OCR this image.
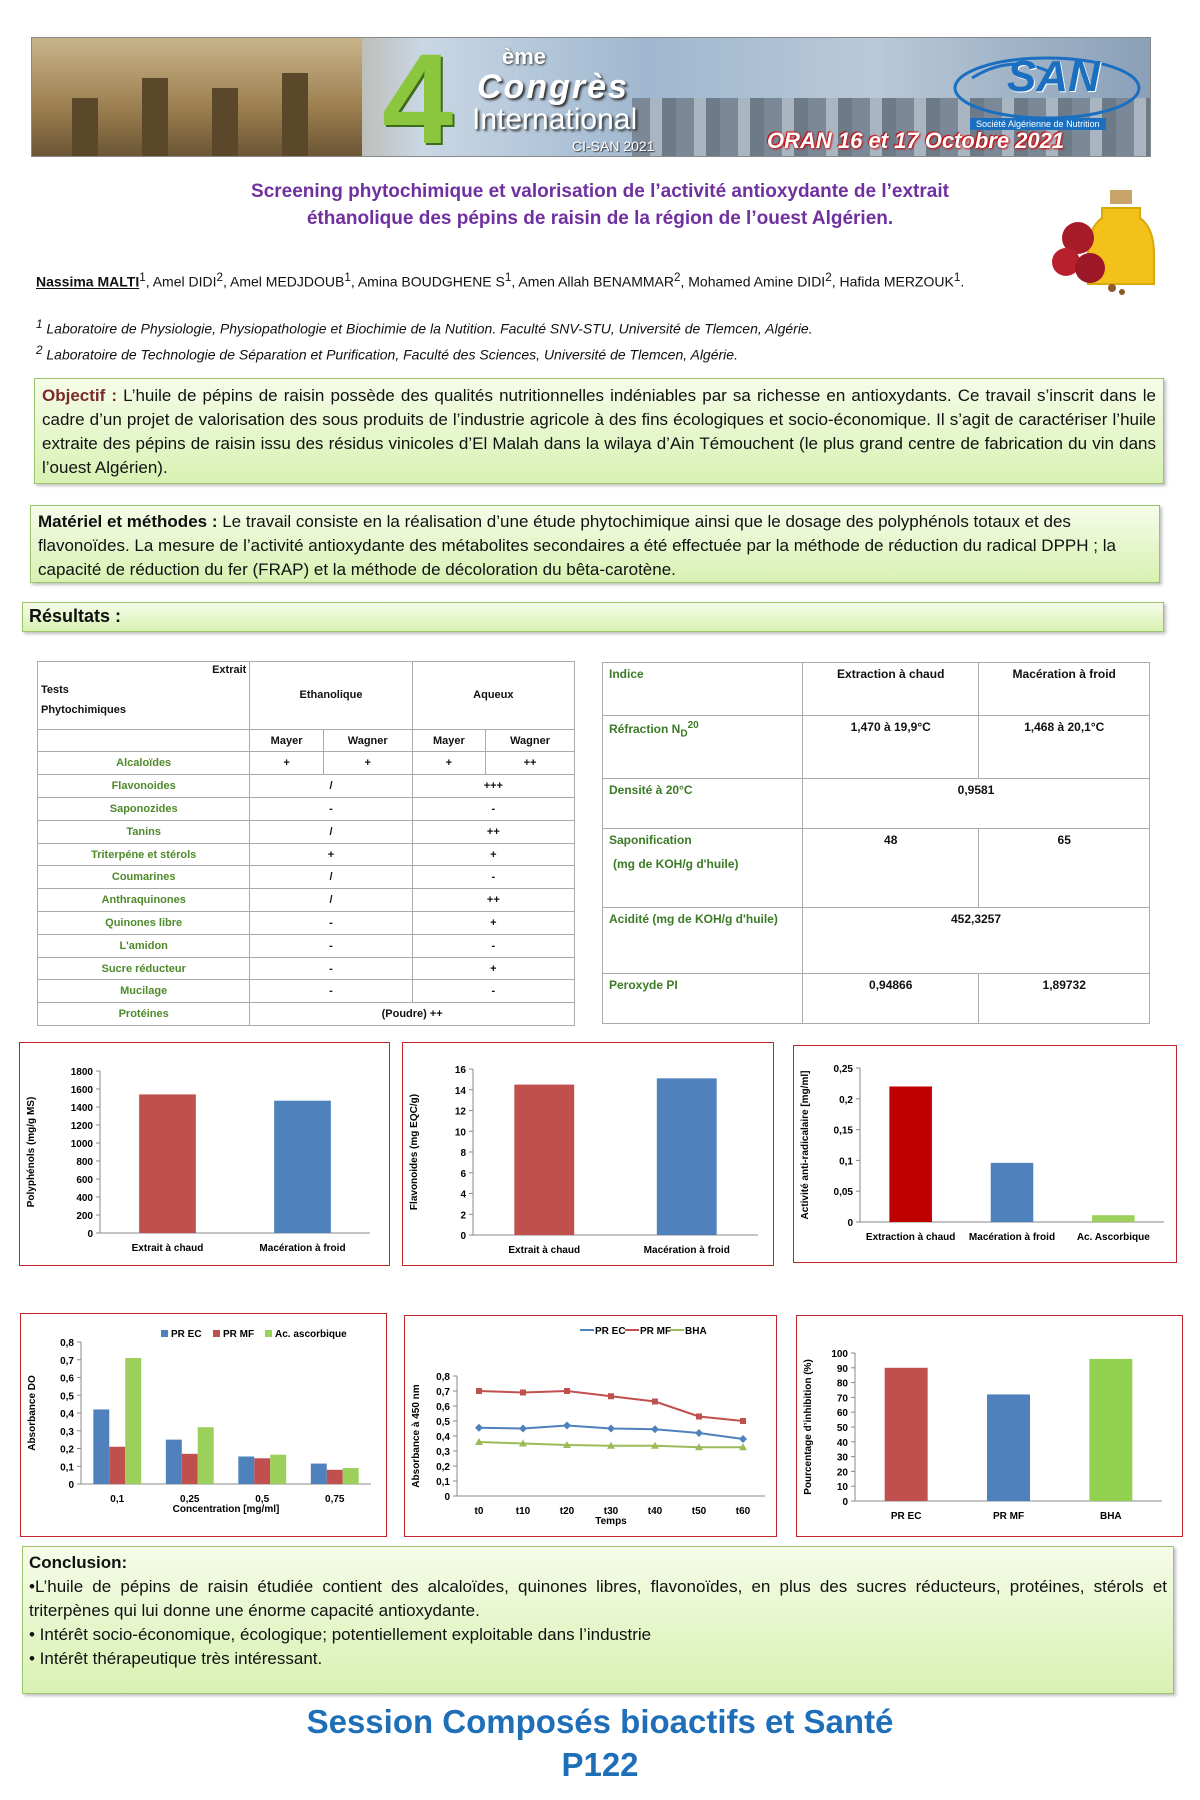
4 ème
Congrès
International
CI-SAN 2021
SAN
Société Algérienne de Nutrition
ORAN 16 et 17 Octobre 2021
Screening phytochimique et valorisation de l’activité antioxydante de l’extrait
éthanolique des pépins de raisin de la région de l’ouest Algérien.
Nassima MALTI$^1$, Amel DIDI$^2$, Amel MEDJDOUB$^1$, Amina BOUDGHENE $S^1$, Amen Allah BENAMMAR$^2$, Mohamed Amine DIDI$^2$, Hafida MERZOUK$^1$.
$^1$ Laboratoire de Physiologie, Physiopathologie et Biochimie de la Nutition. Faculté SNV-STU, Université de Tlemcen, Algérie.
$^2$ Laboratoire de Technologie de Séparation et Purification, Faculté des Sciences, Université de Tlemcen, Algérie.
Objectif : L’huile de pépins de raisin possède des qualités nutritionnelles indéniables par sa richesse en antioxydants. Ce travail s’inscrit dans le cadre d’un projet de valorisation des sous produits de l’industrie agricole à des fins écologiques et socio-économique. Il s’agit de caractériser l’huile extraite des pépins de raisin issu des résidus vinicoles d’El Malah dans la wilaya d’Ain Témouchent (le plus grand centre de fabrication du vin dans l’ouest Algérien).
Matériel et méthodes : Le travail consiste en la réalisation d’une étude phytochimique ainsi que le dosage des polyphénols totaux et des flavonoïdes. La mesure de l’activité antioxydante des métabolites secondaires a été effectuée par la méthode de réduction du radical DPPH ; la capacité de réduction du fer (FRAP) et la méthode de décoloration du bêta-carotène.
Résultats :
Extrait
Tests
Phytochimiques	Ethanolique		Aqueux	

	Mayer	Wagner	Mayer	Wagner
Alcaloïdes	+	+	+	++
Flavonoides	/		+++	
Saponozides	-		-	
Tanins	/		++	
Triterpéne et stérols	+		+	
Coumarines	/		-	
Anthraquinones	/		++	
Quinones libre	-		+	
L'amidon	-		-	
Sucre réducteur	-		+	
Mucilage	-		-	
Protéines	(Poudre) ++			
Indice	Extraction à chaud	Macération à froid
Réfraction $N_D^{20}$	1,470 à 19,9°C	1,468 à 20,1°C
Densité à 20°C	0,9581	

Saponification
(mg de KOH/g d'huile)	48	65
Acidité (mg de KOH/g d'huile)	452,3257	
Peroxyde PI	0,94866	1,89732
0
200
400
600
800
1000
1200
1400
1600
1800
Polyphénols (mg/g MS)
Extrait à chaud	Macération à froid
0
2
4
6
8
10
12
14
16
Flavonoides (mg EQC/g)
Extrait à chaud	Macération à froid
0
0,05
0,1
0,15
0,2
0,25
Activité anti-radicalaire [mg/ml]
Extraction à chaud Macération à froid Ac. Ascorbique
0
0,1
0,2
0,3
0,4
0,5
0,6
0,7
0,8
Absorbance DO
0,1	0,25	0,5	0,75
Concentration [mg/ml]
PR EC PR MF Ac. ascorbique
0
0,1
0,2
0,3
0,4
0,5
0,6
0,7
0,8
Absorbance à 450 nm
t0	t10	t20	t30	t40	t50	t60
Temps
PR EC PR MF BHA
0
10
20
30
40
50
60
70
80
90
100
Pourcentage d’inhibition (%)
PR EC	PR MF	BHA
Conclusion:
•L’huile de pépins de raisin étudiée contient des alcaloïdes, quinones libres, flavonoïdes, en plus des sucres réducteurs, protéines, stérols et triterpènes qui lui donne une énorme capacité antioxydante.
• Intérêt socio-économique, écologique; potentiellement exploitable dans l’industrie
• Intérêt thérapeutique très intéressant.
Session Composés bioactifs et Santé
P122
